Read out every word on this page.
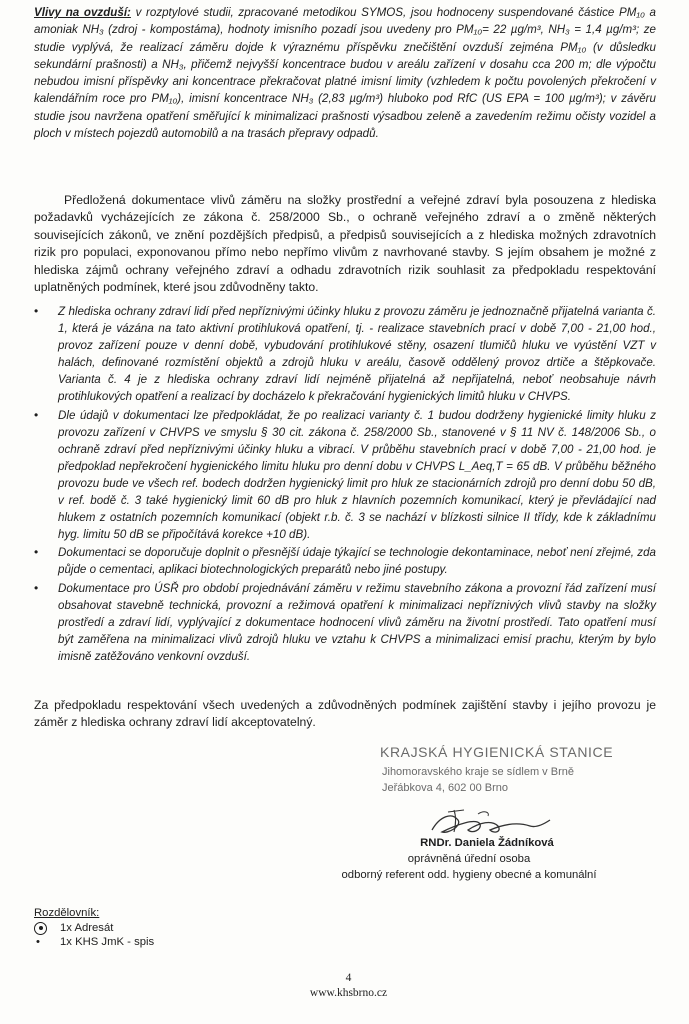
Vlivy na ovzduší: v rozptylové studii, zpracované metodikou SYMOS, jsou hodnoceny suspendované částice PM₁₀ a amoniak NH₃ (zdroj - kompostáma), hodnoty imisního pozadí jsou uvedeny pro PM₁₀= 22 µg/m³, NH₃ = 1,4 µg/m³; ze studie vyplývá, že realizací záměru dojde k výraznému příspěvku znečištění ovzduší zejména PM₁₀ (v důsledku sekundární prašnosti) a NH₃, přičemž nejvyšší koncentrace budou v areálu zařízení v dosahu cca 200 m; dle výpočtu nebudou imisní příspěvky ani koncentrace překračovat platné imisní limity (vzhledem k počtu povolených překročení v kalendářním roce pro PM₁₀), imisní koncentrace NH₃ (2,83 µg/m³) hluboko pod RfC (US EPA = 100 µg/m³); v závěru studie jsou navržena opatření směřující k minimalizaci prašnosti výsadbou zeleně a zavedením režimu očisty vozidel a ploch v místech pojezdů automobilů a na trasách přepravy odpadů.

Předložená dokumentace vlivů záměru na složky prostřední a veřejné zdraví byla posouzena z hlediska požadavků vycházejících ze zákona č. 258/2000 Sb., o ochraně veřejného zdraví a o změně některých souvisejících zákonů, ve znění pozdějších předpisů, a předpisů souvisejících a z hlediska možných zdravotních rizik pro populaci, exponovanou přímo nebo nepřímo vlivům z navrhované stavby. S jejím obsahem je možné z hlediska zájmů ochrany veřejného zdraví a odhadu zdravotních rizik souhlasit za předpokladu respektování uplatněných podmínek, které jsou zdůvodněny takto.

• Z hlediska ochrany zdraví lidí před nepříznivými účinky hluku z provozu záměru je jednoznačně přijatelná varianta č. 1, která je vázána na tato aktivní protihluková opatření, tj. - realizace stavebních prací v době 7,00 - 21,00 hod., provoz zařízení pouze v denní době, vybudování protihlukové stěny, osazení tlumičů hluku ve vyústění VZT v halách, definované rozmístění objektů a zdrojů hluku v areálu, časově oddělený provoz drtiče a štěpkovače. Varianta č. 4 je z hlediska ochrany zdraví lidí nejméně přijatelná až nepřijatelná, neboť neobsahuje návrh protihlukových opatření a realizací by docházelo k překračování hygienických limitů hluku v CHVPS.
• Dle údajů v dokumentaci lze předpokládat, že po realizaci varianty č. 1 budou dodrženy hygienické limity hluku z provozu zařízení v CHVPS ve smyslu § 30 cit. zákona č. 258/2000 Sb., stanovené v § 11 NV č. 148/2006 Sb., o ochraně zdraví před nepříznivými účinky hluku a vibrací. V průběhu stavebních prací v době 7,00 - 21,00 hod. je předpoklad nepřekročení hygienického limitu hluku pro denní dobu v CHVPS L_Aeq,T = 65 dB. V průběhu běžného provozu bude ve všech ref. bodech dodržen hygienický limit pro hluk ze stacionárních zdrojů pro denní dobu 50 dB, v ref. bodě č. 3 také hygienický limit 60 dB pro hluk z hlavních pozemních komunikací, který je převládající nad hlukem z ostatních pozemních komunikací (objekt r.b. č. 3 se nachází v blízkosti silnice II třídy, kde k základnímu hyg. limitu 50 dB se připočítává korekce +10 dB).
• Dokumentaci se doporučuje doplnit o přesnější údaje týkající se technologie dekontaminace, neboť není zřejmé, zda půjde o cementaci, aplikaci biotechnologických preparátů nebo jiné postupy.
• Dokumentace pro ÚSŘ pro období projednávání záměru v režimu stavebního zákona a provozní řád zařízení musí obsahovat stavebně technická, provozní a režimová opatření k minimalizaci nepříznivých vlivů stavby na složky prostředí a zdraví lidí, vyplývající z dokumentace hodnocení vlivů záměru na životní prostředí. Tato opatření musí být zaměřena na minimalizaci vlivů zdrojů hluku ve vztahu k CHVPS a minimalizaci emisí prachu, kterým by bylo imisně zatěžováno venkovní ovzduší.

Za předpokladu respektování všech uvedených a zdůvodněných podmínek zajištění stavby i jejího provozu je záměr z hlediska ochrany zdraví lidí akceptovatelný.

KRAJSKÁ HYGIENICKÁ STANICE
Jihomoravského kraje se sídlem v Brně
Jeřábkova 4, 602 00 Brno
RNDr. Daniela Žádníková
oprávněná úřední osoba
odborný referent odd. hygieny obecné a komunální
Rozdělovník:
1x Adresát
• 1x KHS JmK - spis
4
www.khsbrno.cz
